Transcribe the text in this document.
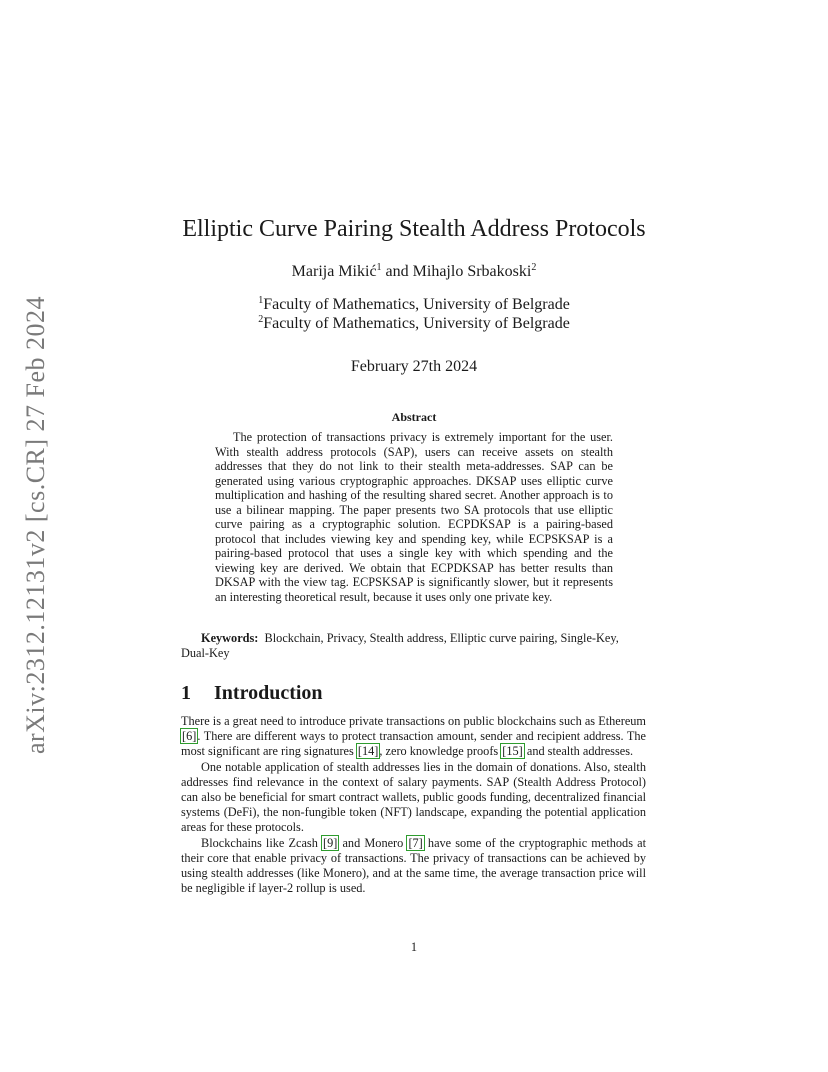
arXiv:2312.12131v2 [cs.CR] 27 Feb 2024
Elliptic Curve Pairing Stealth Address Protocols
Marija Mikić$^1$ and Mihajlo Srbakoski$^2$
$^1$Faculty of Mathematics, University of Belgrade
$^2$Faculty of Mathematics, University of Belgrade
February 27th 2024
Abstract

The protection of transactions privacy is extremely important for the user. With stealth address protocols (SAP), users can receive assets on stealth addresses that they do not link to their stealth meta-addresses. SAP can be generated using various cryptographic approaches. DKSAP uses elliptic curve multiplication and hashing of the resulting shared secret. Another approach is to use a bilinear mapping. The paper presents two SA protocols that use elliptic curve pairing as a cryptographic solution. ECPDKSAP is a pairing-based protocol that includes viewing key and spending key, while ECPSKSAP is a pairing-based protocol that uses a single key with which spending and the viewing key are derived. We obtain that ECPDKSAP has better results than DKSAP with the view tag. ECPSKSAP is significantly slower, but it represents an interesting theoretical result, because it uses only one private key.

Keywords: Blockchain, Privacy, Stealth address, Elliptic curve pairing, Single-Key, Dual-Key

1 Introduction

There is a great need to introduce private transactions on public blockchains such as Ethereum [6]. There are different ways to protect transaction amount, sender and recipient address. The most significant are ring signatures [14], zero knowledge proofs [15] and stealth addresses.

One notable application of stealth addresses lies in the domain of donations. Also, stealth addresses find relevance in the context of salary payments. SAP (Stealth Address Protocol) can also be beneficial for smart contract wallets, public goods funding, decentralized financial systems (DeFi), the non-fungible token (NFT) landscape, expanding the potential application areas for these protocols.

Blockchains like Zcash [9] and Monero [7] have some of the cryptographic methods at their core that enable privacy of transactions. The privacy of transactions can be achieved by using stealth addresses (like Monero), and at the same time, the average transaction price will be negligible if layer-2 rollup is used.

1
